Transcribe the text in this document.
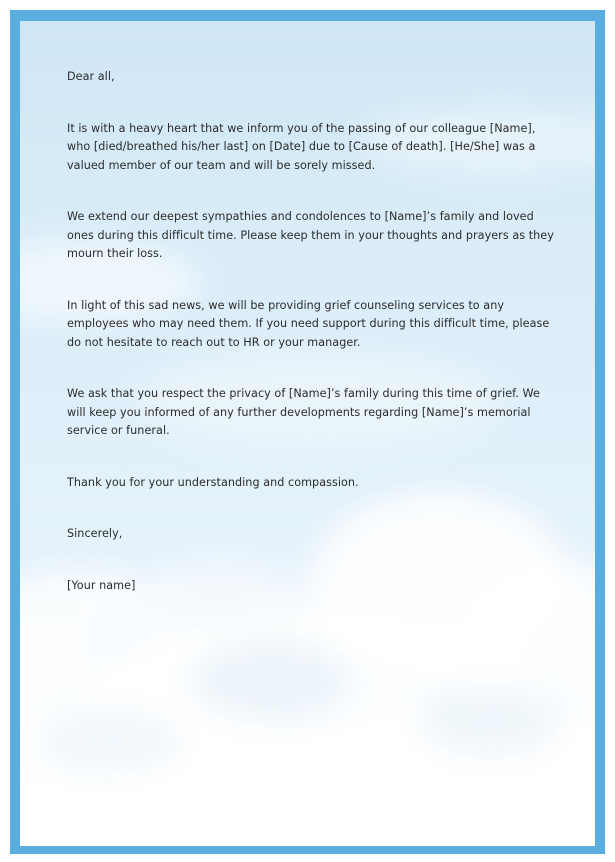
Dear all,

It is with a heavy heart that we inform you of the passing of our colleague [Name], who [died/breathed his/her last] on [Date] due to [Cause of death]. [He/She] was a valued member of our team and will be sorely missed.

We extend our deepest sympathies and condolences to [Name]’s family and loved ones during this difficult time. Please keep them in your thoughts and prayers as they mourn their loss.

In light of this sad news, we will be providing grief counseling services to any employees who may need them. If you need support during this difficult time, please do not hesitate to reach out to HR or your manager.

We ask that you respect the privacy of [Name]’s family during this time of grief. We will keep you informed of any further developments regarding [Name]’s memorial service or funeral.

Thank you for your understanding and compassion.

Sincerely,

[Your name]
